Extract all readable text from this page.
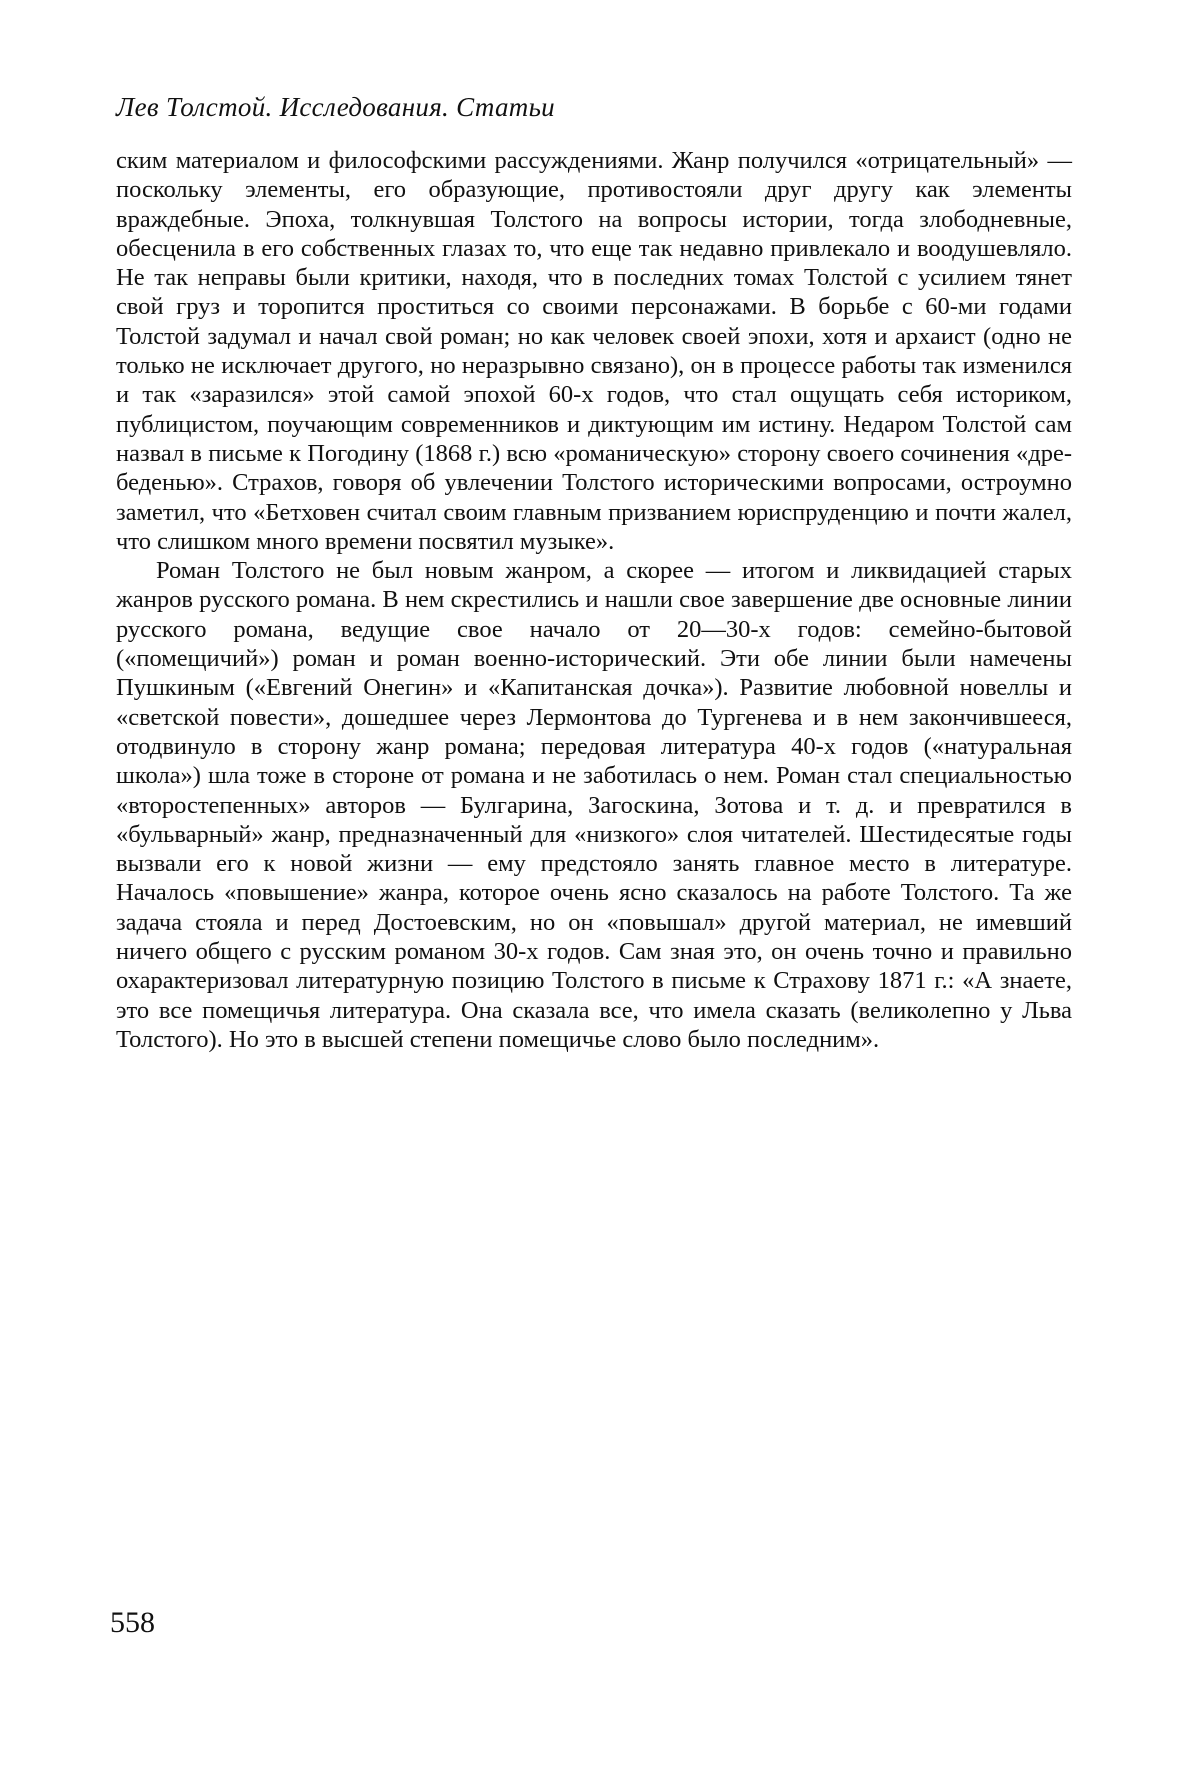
Лев Толстой. Исследования. Статьи

ским материалом и философскими рассуждениями. Жанр получился «отрицательный» — поскольку элементы, его образующие, противостояли друг другу как элементы враждебные. Эпоха, толкнувшая Толстого на вопросы истории, тогда злободневные, обесценила в его собственных глазах то, что еще так недавно привлекало и воодушевляло. Не так неправы были критики, находя, что в последних томах Толстой с усилием тянет свой груз и торопится проститься со своими персонажами. В борьбе с 60-ми годами Толстой задумал и начал свой роман; но как человек своей эпохи, хотя и архаист (одно не только не исключает другого, но неразрывно связано), он в процессе работы так изменился и так «заразился» этой самой эпохой 60-х годов, что стал ощущать себя историком, публицистом, поучающим современников и диктующим им истину. Недаром Толстой сам назвал в письме к Погодину (1868 г.) всю «романическую» сторону своего сочинения «дребеденью». Страхов, говоря об увлечении Толстого историческими вопросами, остроумно заметил, что «Бетховен считал своим главным призванием юриспруденцию и почти жалел, что слишком много времени посвятил музыке».

Роман Толстого не был новым жанром, а скорее — итогом и ликвидацией старых жанров русского романа. В нем скрестились и нашли свое завершение две основные линии русского романа, ведущие свое начало от 20—30-х годов: семейно-бытовой («помещичий») роман и роман военно-исторический. Эти обе линии были намечены Пушкиным («Евгений Онегин» и «Капитанская дочка»). Развитие любовной новеллы и «светской повести», дошедшее через Лермонтова до Тургенева и в нем закончившееся, отодвинуло в сторону жанр романа; передовая литература 40-х годов («натуральная школа») шла тоже в стороне от романа и не заботилась о нем. Роман стал специальностью «второстепенных» авторов — Булгарина, Загоскина, Зотова и т. д. и превратился в «бульварный» жанр, предназначенный для «низкого» слоя читателей. Шестидесятые годы вызвали его к новой жизни — ему предстояло занять главное место в литературе. Началось «повышение» жанра, которое очень ясно сказалось на работе Толстого. Та же задача стояла и перед Достоевским, но он «повышал» другой материал, не имевший ничего общего с русским романом 30-х годов. Сам зная это, он очень точно и правильно охарактеризовал литературную позицию Толстого в письме к Страхову 1871 г.: «А знаете, это все помещичья литература. Она сказала все, что имела сказать (великолепно у Льва Толстого). Но это в высшей степени помещичье слово было последним».

558
